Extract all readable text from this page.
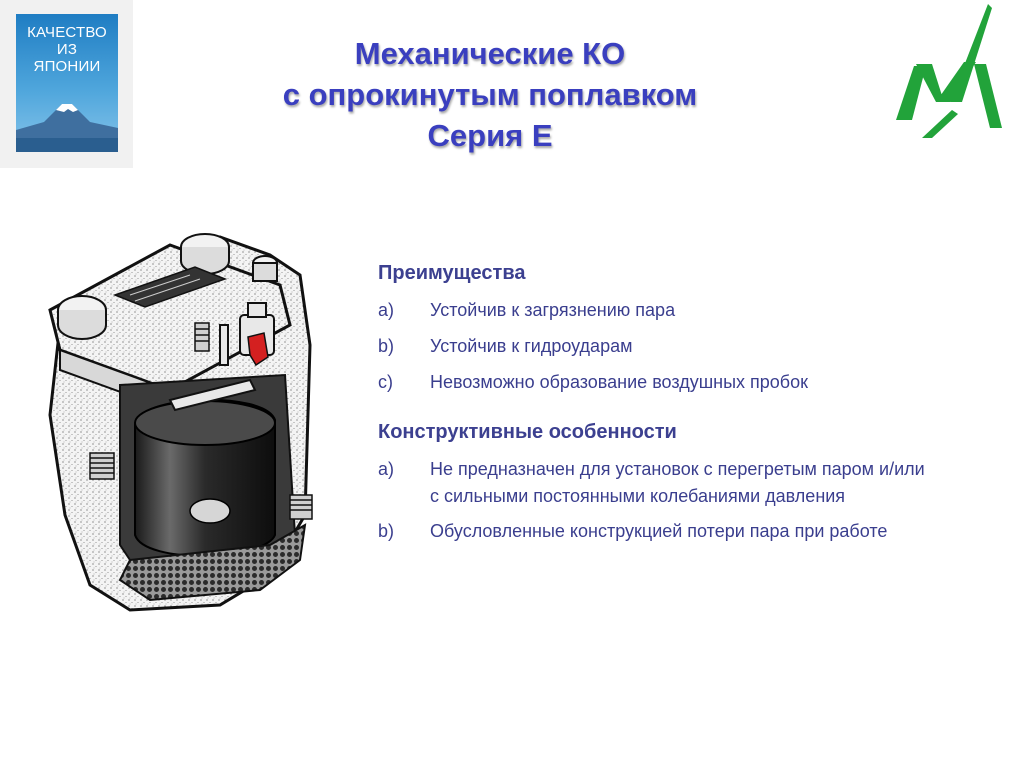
КАЧЕСТВО
ИЗ
ЯПОНИИ	Механические КО
с опрокинутым поплавком
Серия Е
Преимущества
a)	Устойчив к загрязнению пара
b)	Устойчив к гидроударам
c)	Невозможно образование воздушных пробок
Конструктивные особенности
a)	Не предназначен для установок с перегретым паром и/или с сильными постоянными колебаниями давления
b)	Обусловленные конструкцией потери пара при работе
